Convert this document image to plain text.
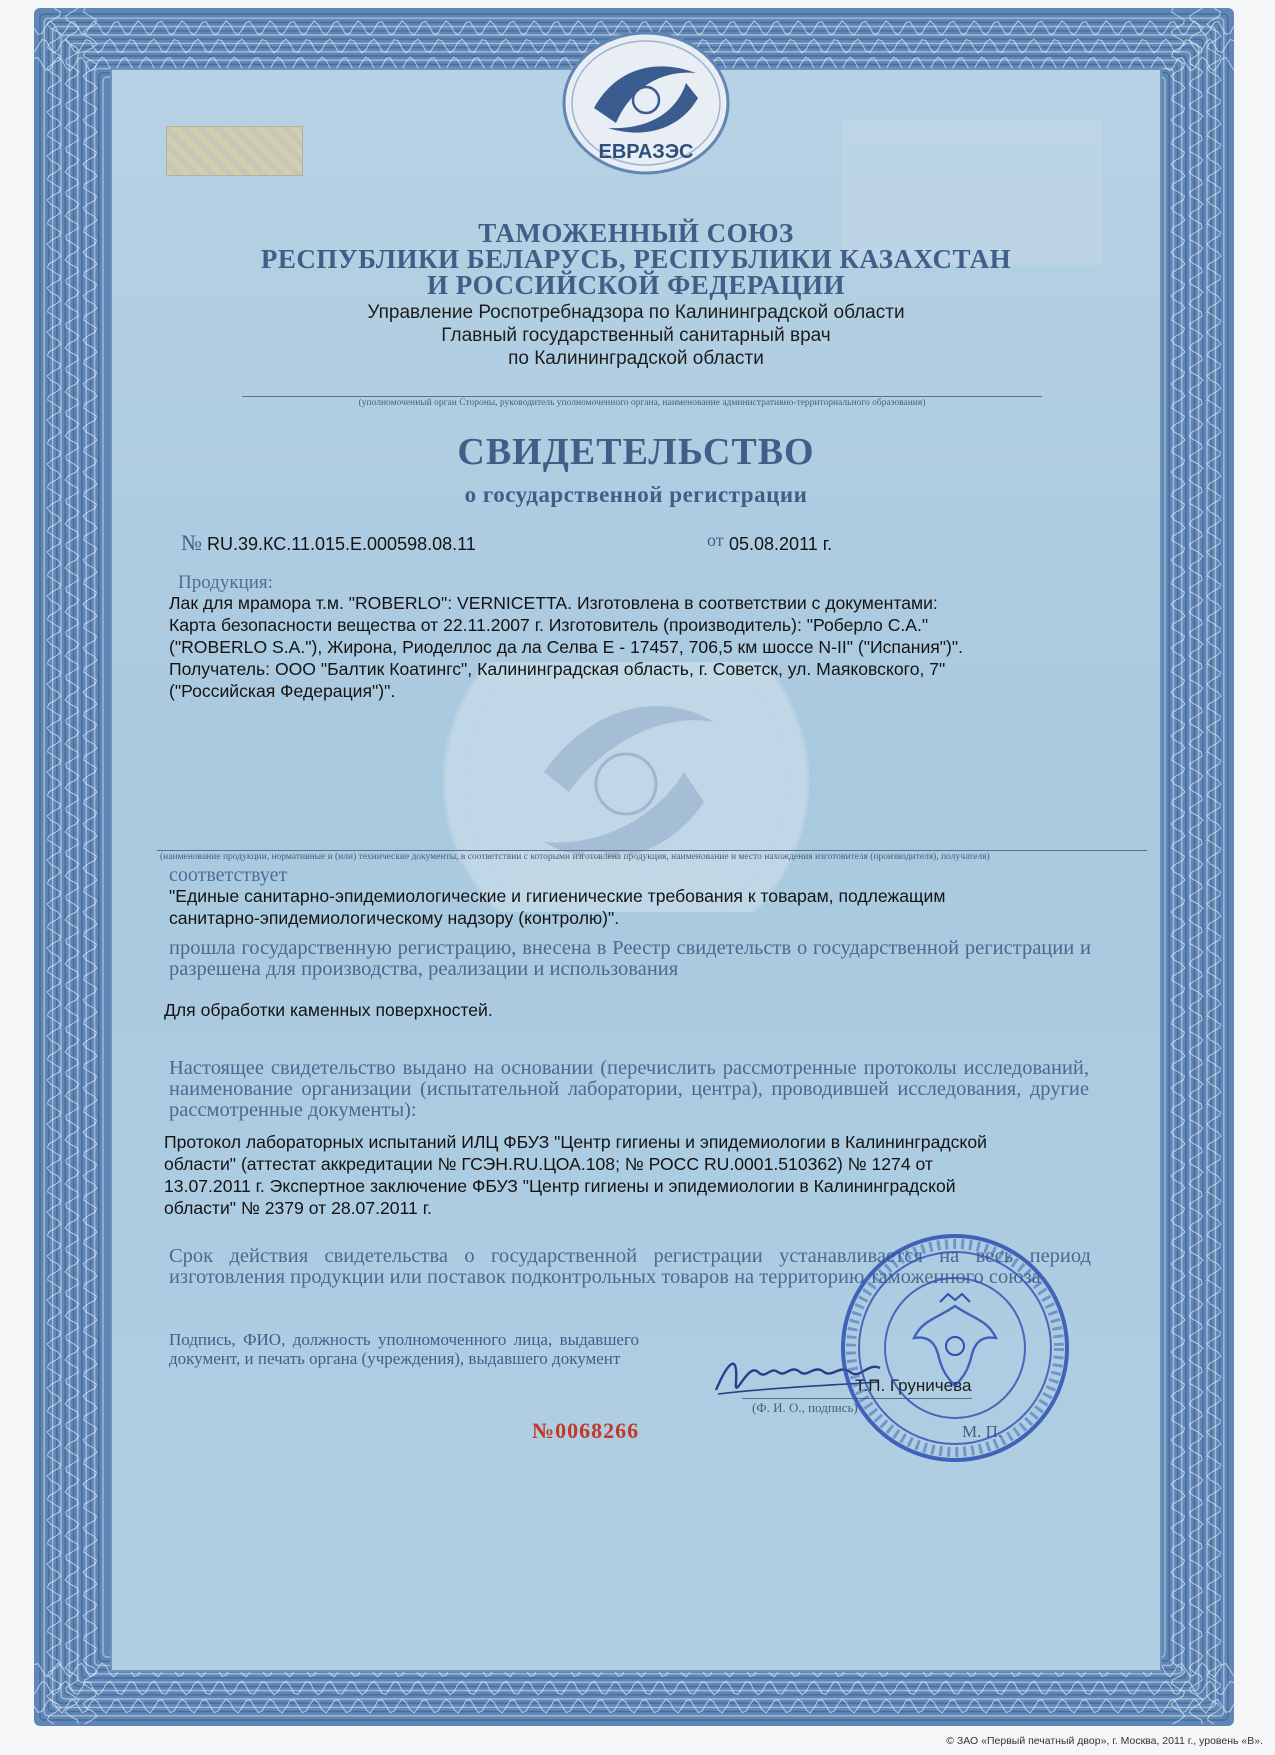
ТАМОЖЕННЫЙ СОЮЗ
РЕСПУБЛИКИ БЕЛАРУСЬ, РЕСПУБЛИКИ КАЗАХСТАН
И РОССИЙСКОЙ ФЕДЕРАЦИИ
Управление Роспотребнадзора по Калининградской области
Главный государственный санитарный врач
по Калининградской области
(уполномоченный орган Стороны, руководитель уполномоченного органа, наименование административно-территориального образования)
СВИДЕТЕЛЬСТВО
о государственной регистрации
№ RU.39.КС.11.015.Е.000598.08.11	от 05.08.2011 г.
ЕВРАЗЭС
Продукция:
Лак для мрамора т.м. "ROBERLO": VERNICETTA. Изготовлена в соответствии с документами:
Карта безопасности вещества от 22.11.2007 г. Изготовитель (производитель): "Роберло С.А."
("ROBERLO S.A."), Жирона, Риоделлос да ла Селва Е - 17457, 706,5 км шоссе N-II" ("Испания")".
Получатель: ООО "Балтик Коатингс", Калининградская область, г. Советск, ул. Маяковского, 7"
("Российская Федерация")".
(наименование продукции, нормативные и (или) технические документы, в соответствии с которыми изготовлена продукция, наименование и место нахождения изготовителя (производителя), получателя)
соответствует
"Единые санитарно-эпидемиологические и гигиенические требования к товарам, подлежащим
санитарно-эпидемиологическому надзору (контролю)".
прошла государственную регистрацию, внесена в Реестр свидетельств о государственной регистрации и разрешена для производства, реализации и использования
Для обработки каменных поверхностей.
Настоящее свидетельство выдано на основании (перечислить рассмотренные протоколы исследований, наименование организации (испытательной лаборатории, центра), проводившей исследования, другие рассмотренные документы):
Протокол лабораторных испытаний ИЛЦ ФБУЗ "Центр гигиены и эпидемиологии в Калининградской
области" (аттестат аккредитации № ГСЭН.RU.ЦОА.108; № РОСС RU.0001.510362) № 1274 от
13.07.2011 г. Экспертное заключение ФБУЗ "Центр гигиены и эпидемиологии в Калининградской
области" № 2379 от 28.07.2011 г.
Срок действия свидетельства о государственной регистрации устанавливается на весь период изготовления продукции или поставок подконтрольных товаров на территорию таможенного союза
Подпись, ФИО, должность уполномоченного лица, выдавшего документ, и печать органа (учреждения), выдавшего документ
Т.П. Груничева
(Ф. И. О., подпись)
М. П.
№0068266
ЕВРАЗЭС
© ЗАО «Первый печатный двор», г. Москва, 2011 г., уровень «В».
